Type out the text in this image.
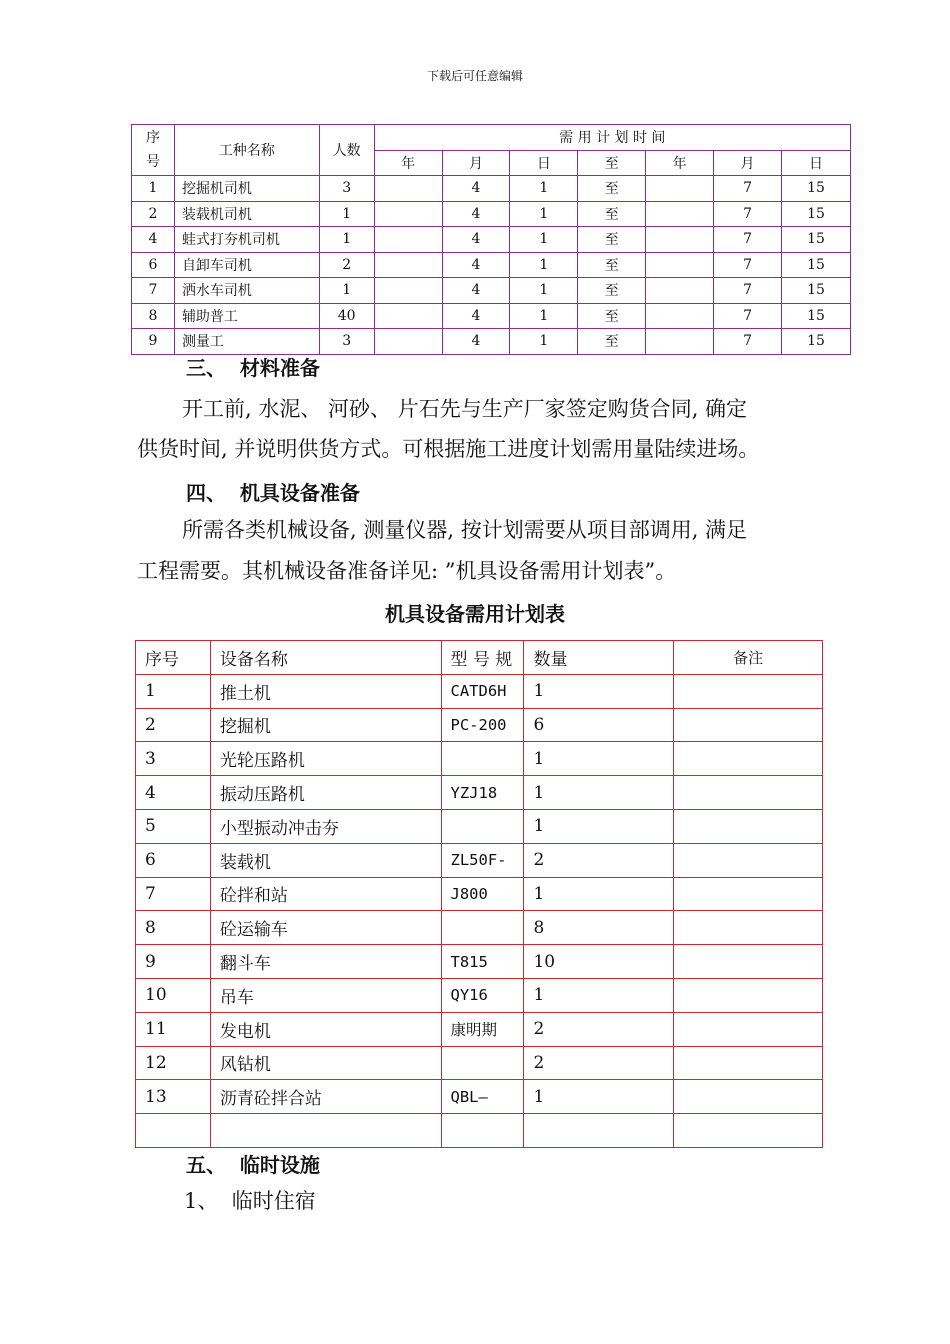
下载后可任意编辑
序
号	工种名称	人数	需 用 计 划 时 间						
			年	月	日	至	年	月	日
1	挖掘机司机	3		4	1	至		7	15
2	装载机司机	1		4	1	至		7	15
4	蛙式打夯机司机	1		4	1	至		7	15
6	自卸车司机	2		4	1	至		7	15
7	洒水车司机	1		4	1	至		7	15
8	辅助普工	40		4	1	至		7	15
9	测量工	3		4	1	至		7	15
三、  材料准备
开工前, 水泥、 河砂、 片石先与生产厂家签定购货合同, 确定
供货时间, 并说明供货方式。可根据施工进度计划需用量陆续进场。
四、  机具设备准备
所需各类机械设备, 测量仪器, 按计划需要从项目部调用, 满足
工程需要。其机械设备准备详见: ”机具设备需用计划表”。
机具设备需用计划表
序号	设备名称	型 号 规	数量	备注
1	推土机	CATD6H	1	
2	挖掘机	PC-200	6	
3	光轮压路机		1	
4	振动压路机	YZJ18	1	
5	小型振动冲击夯		1	
6	装载机	ZL50F-	2	
7	砼拌和站	J800	1	
8	砼运输车		8	
9	翻斗车	T815	10	
10	吊车	QY16	1	
11	发电机	康明期	2	
12	风钻机		2	
13	沥青砼拌合站	QBL—	1	

五、  临时设施
1、  临时住宿
